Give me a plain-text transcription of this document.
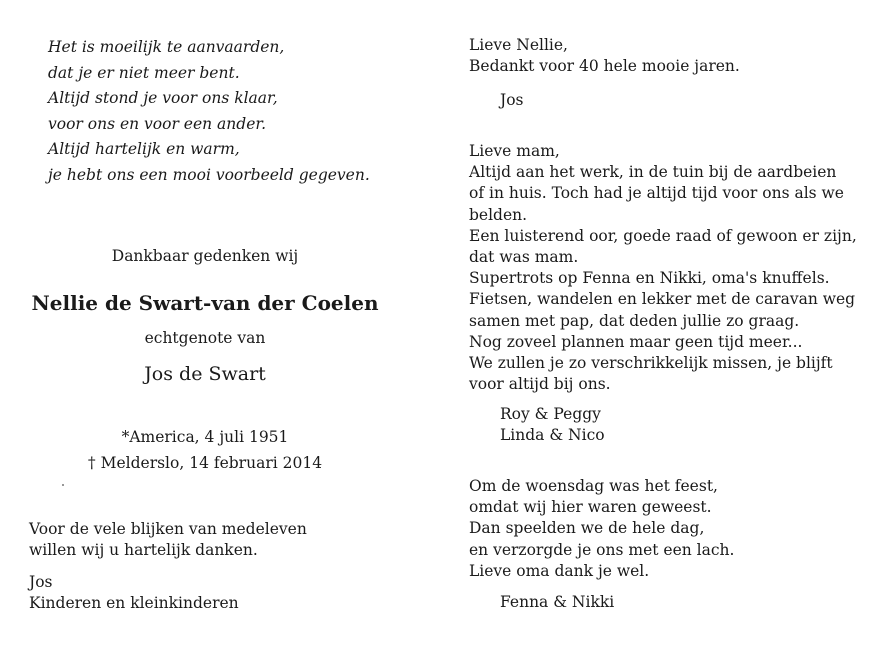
Het is moeilijk te aanvaarden,
dat je er niet meer bent.
Altijd stond je voor ons klaar,
voor ons en voor een ander.
Altijd hartelijk en warm,
je hebt ons een mooi voorbeeld gegeven.
Dankbaar gedenken wij
Nellie de Swart-van der Coelen
echtgenote van
Jos de Swart
*America, 4 juli 1951
† Melderslo, 14 februari 2014
Voor de vele blijken van medeleven
willen wij u hartelijk danken.
Jos
Kinderen en kleinkinderen
Lieve Nellie,
Bedankt voor 40 hele mooie jaren.
Jos
Lieve mam,
Altijd aan het werk, in de tuin bij de aardbeien
of in huis. Toch had je altijd tijd voor ons als we
belden.
Een luisterend oor, goede raad of gewoon er zijn,
dat was mam.
Supertrots op Fenna en Nikki, oma's knuffels.
Fietsen, wandelen en lekker met de caravan weg
samen met pap, dat deden jullie zo graag.
Nog zoveel plannen maar geen tijd meer...
We zullen je zo verschrikkelijk missen, je blijft
voor altijd bij ons.
Roy & Peggy
Linda & Nico
Om de woensdag was het feest,
omdat wij hier waren geweest.
Dan speelden we de hele dag,
en verzorgde je ons met een lach.
Lieve oma dank je wel.
Fenna & Nikki
